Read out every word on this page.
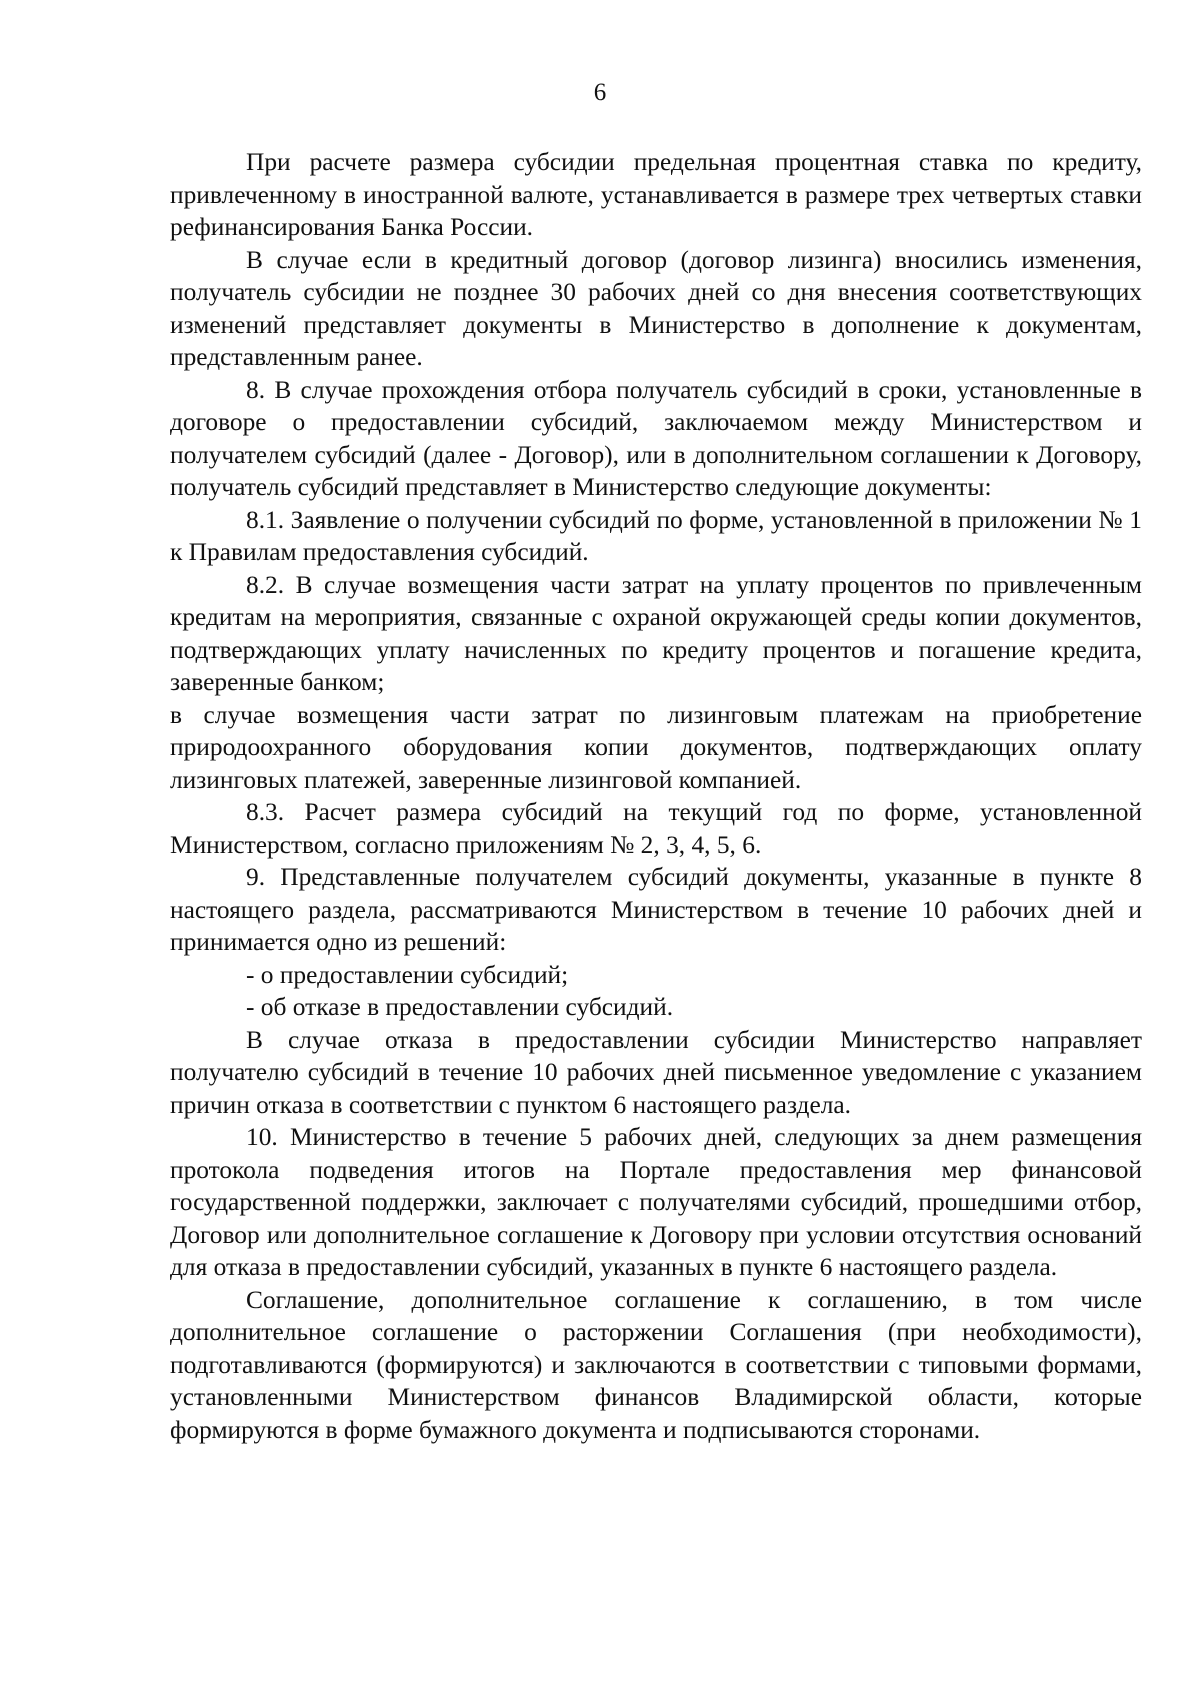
6

При расчете размера субсидии предельная процентная ставка по кредиту, привлеченному в иностранной валюте, устанавливается в размере трех четвертых ставки рефинансирования Банка России.

В случае если в кредитный договор (договор лизинга) вносились изменения, получатель субсидии не позднее 30 рабочих дней со дня внесения соответствующих изменений представляет документы в Министерство в дополнение к документам, представленным ранее.

8. В случае прохождения отбора получатель субсидий в сроки, установленные в договоре о предоставлении субсидий, заключаемом между Министерством и получателем субсидий (далее - Договор), или в дополнительном соглашении к Договору, получатель субсидий представляет в Министерство следующие документы:

8.1. Заявление о получении субсидий по форме, установленной в приложении № 1 к Правилам предоставления субсидий.

8.2. В случае возмещения части затрат на уплату процентов по привлеченным кредитам на мероприятия, связанные с охраной окружающей среды копии документов, подтверждающих уплату начисленных по кредиту процентов и погашение кредита, заверенные банком;

в случае возмещения части затрат по лизинговым платежам на приобретение природоохранного оборудования копии документов, подтверждающих оплату лизинговых платежей, заверенные лизинговой компанией.

8.3. Расчет размера субсидий на текущий год по форме, установленной Министерством, согласно приложениям № 2, 3, 4, 5, 6.

9. Представленные получателем субсидий документы, указанные в пункте 8 настоящего раздела, рассматриваются Министерством в течение 10 рабочих дней и принимается одно из решений:

- о предоставлении субсидий;

- об отказе в предоставлении субсидий.

В случае отказа в предоставлении субсидии Министерство направляет получателю субсидий в течение 10 рабочих дней письменное уведомление с указанием причин отказа в соответствии с пунктом 6 настоящего раздела.

10. Министерство в течение 5 рабочих дней, следующих за днем размещения протокола подведения итогов на Портале предоставления мер финансовой государственной поддержки, заключает с получателями субсидий, прошедшими отбор, Договор или дополнительное соглашение к Договору при условии отсутствия оснований для отказа в предоставлении субсидий, указанных в пункте 6 настоящего раздела.

Соглашение, дополнительное соглашение к соглашению, в том числе дополнительное соглашение о расторжении Соглашения (при необходимости), подготавливаются (формируются) и заключаются в соответствии с типовыми формами, установленными Министерством финансов Владимирской области, которые формируются в форме бумажного документа и подписываются сторонами.
